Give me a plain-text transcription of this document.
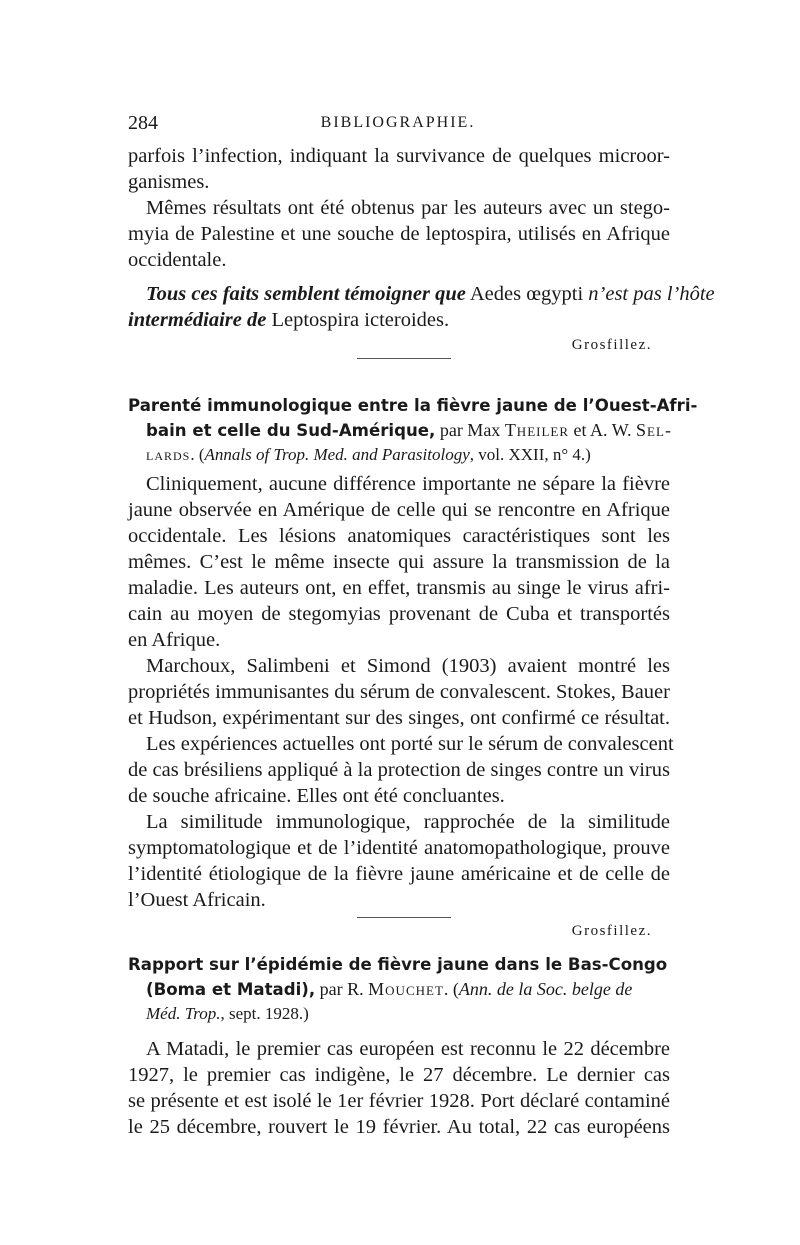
284	BIBLIOGRAPHIE.
parfois l’infection, indiquant la survivance de quelques microor-
ganismes.
Mêmes résultats ont été obtenus par les auteurs avec un stego-
myia de Palestine et une souche de leptospira, utilisés en Afrique
occidentale.
Tous ces faits semblent témoigner que Aedes œgypti n’est pas l’hôte
intermédiaire de Leptospira icteroides.
Grosfillez.
Parenté immunologique entre la fièvre jaune de l’Ouest-Afri-
bain et celle du Sud-Amérique, par Max Theiler et A. W. Sel-
lards. (Annals of Trop. Med. and Parasitology, vol. XXII, n° 4.)
Cliniquement, aucune différence importante ne sépare la fièvre
jaune observée en Amérique de celle qui se rencontre en Afrique
occidentale. Les lésions anatomiques caractéristiques sont les
mêmes. C’est le même insecte qui assure la transmission de la
maladie. Les auteurs ont, en effet, transmis au singe le virus afri-
cain au moyen de stegomyias provenant de Cuba et transportés
en Afrique.
Marchoux, Salimbeni et Simond (1903) avaient montré les
propriétés immunisantes du sérum de convalescent. Stokes, Bauer
et Hudson, expérimentant sur des singes, ont confirmé ce résultat.
Les expériences actuelles ont porté sur le sérum de convalescent
de cas brésiliens appliqué à la protection de singes contre un virus
de souche africaine. Elles ont été concluantes.
La similitude immunologique, rapprochée de la similitude
symptomatologique et de l’identité anatomopathologique, prouve
l’identité étiologique de la fièvre jaune américaine et de celle de
l’Ouest Africain.
Grosfillez.
Rapport sur l’épidémie de fièvre jaune dans le Bas-Congo
(Boma et Matadi), par R. Mouchet. (Ann. de la Soc. belge de
Méd. Trop., sept. 1928.)
A Matadi, le premier cas européen est reconnu le 22 décembre
1927, le premier cas indigène, le 27 décembre. Le dernier cas
se présente et est isolé le 1er février 1928. Port déclaré contaminé
le 25 décembre, rouvert le 19 février. Au total, 22 cas européens
